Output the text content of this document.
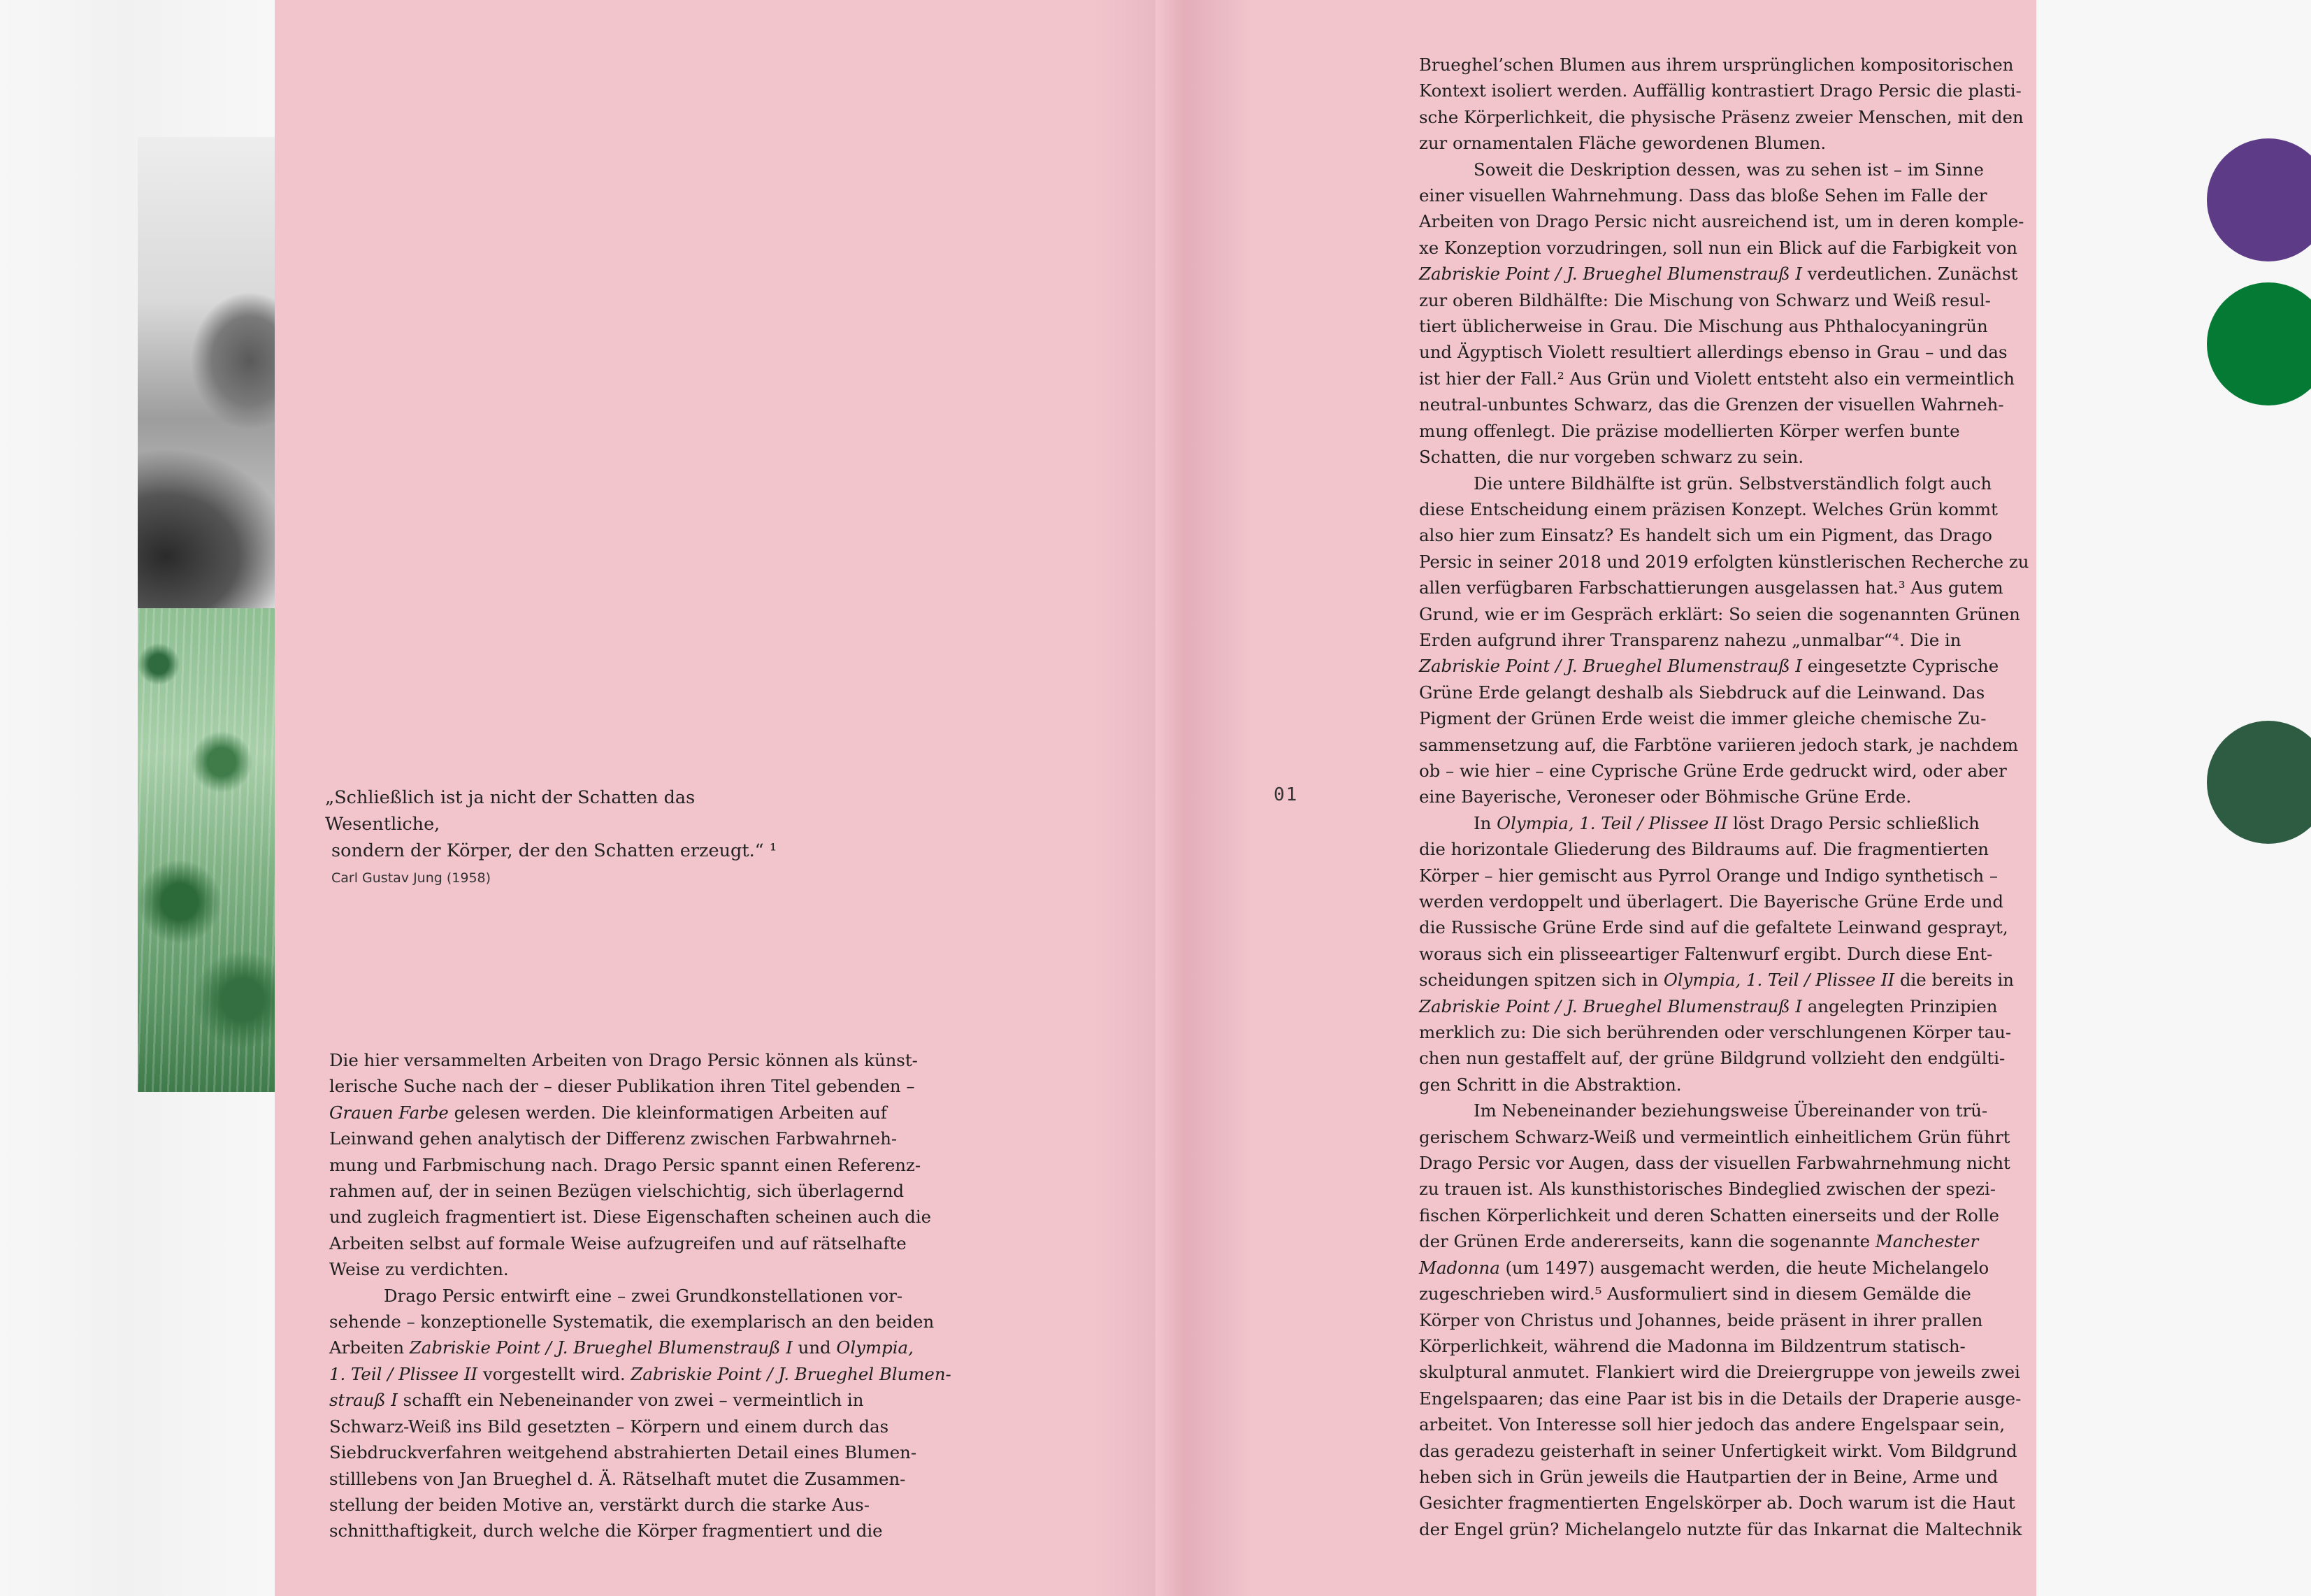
„Schließlich ist ja nicht der Schatten das Wesentliche,

sondern der Körper, der den Schatten erzeugt.“ ¹

Carl Gustav Jung (1958)
01
Die hier versammelten Arbeiten von Drago Persic können als künst-
lerische Suche nach der – dieser Publikation ihren Titel gebenden –
Grauen Farbe gelesen werden. Die kleinformatigen Arbeiten auf
Leinwand gehen analytisch der Differenz zwischen Farbwahrneh-
mung und Farbmischung nach. Drago Persic spannt einen Referenz-
rahmen auf, der in seinen Bezügen vielschichtig, sich überlagernd
und zugleich fragmentiert ist. Diese Eigenschaften scheinen auch die
Arbeiten selbst auf formale Weise aufzugreifen und auf rätselhafte
Weise zu verdichten.
Drago Persic entwirft eine – zwei Grundkonstellationen vor-
sehende – konzeptionelle Systematik, die exemplarisch an den beiden
Arbeiten Zabriskie Point / J. Brueghel Blumenstrauß I und Olympia,
1. Teil / Plissee II vorgestellt wird. Zabriskie Point / J. Brueghel Blumen-
strauß I schafft ein Nebeneinander von zwei – vermeintlich in
Schwarz-Weiß ins Bild gesetzten – Körpern und einem durch das
Siebdruckverfahren weitgehend abstrahierten Detail eines Blumen-
stilllebens von Jan Brueghel d. Ä. Rätselhaft mutet die Zusammen-
stellung der beiden Motive an, verstärkt durch die starke Aus-
schnitthaftigkeit, durch welche die Körper fragmentiert und die
Brueghel’schen Blumen aus ihrem ursprünglichen kompositorischen
Kontext isoliert werden. Auffällig kontrastiert Drago Persic die plasti-
sche Körperlichkeit, die physische Präsenz zweier Menschen, mit den
zur ornamentalen Fläche gewordenen Blumen.
Soweit die Deskription dessen, was zu sehen ist – im Sinne
einer visuellen Wahrnehmung. Dass das bloße Sehen im Falle der
Arbeiten von Drago Persic nicht ausreichend ist, um in deren komple-
xe Konzeption vorzudringen, soll nun ein Blick auf die Farbigkeit von
Zabriskie Point / J. Brueghel Blumenstrauß I verdeutlichen. Zunächst
zur oberen Bildhälfte: Die Mischung von Schwarz und Weiß resul-
tiert üblicherweise in Grau. Die Mischung aus Phthalocyaningrün
und Ägyptisch Violett resultiert allerdings ebenso in Grau – und das
ist hier der Fall.² Aus Grün und Violett entsteht also ein vermeintlich
neutral-unbuntes Schwarz, das die Grenzen der visuellen Wahrneh-
mung offenlegt. Die präzise modellierten Körper werfen bunte
Schatten, die nur vorgeben schwarz zu sein.
Die untere Bildhälfte ist grün. Selbstverständlich folgt auch
diese Entscheidung einem präzisen Konzept. Welches Grün kommt
also hier zum Einsatz? Es handelt sich um ein Pigment, das Drago
Persic in seiner 2018 und 2019 erfolgten künstlerischen Recherche zu
allen verfügbaren Farbschattierungen ausgelassen hat.³ Aus gutem
Grund, wie er im Gespräch erklärt: So seien die sogenannten Grünen
Erden aufgrund ihrer Transparenz nahezu „unmalbar“⁴. Die in
Zabriskie Point / J. Brueghel Blumenstrauß I eingesetzte Cyprische
Grüne Erde gelangt deshalb als Siebdruck auf die Leinwand. Das
Pigment der Grünen Erde weist die immer gleiche chemische Zu-
sammensetzung auf, die Farbtöne variieren jedoch stark, je nachdem
ob – wie hier – eine Cyprische Grüne Erde gedruckt wird, oder aber
eine Bayerische, Veroneser oder Böhmische Grüne Erde.
In Olympia, 1. Teil / Plissee II löst Drago Persic schließlich
die horizontale Gliederung des Bildraums auf. Die fragmentierten
Körper – hier gemischt aus Pyrrol Orange und Indigo synthetisch –
werden verdoppelt und überlagert. Die Bayerische Grüne Erde und
die Russische Grüne Erde sind auf die gefaltete Leinwand gesprayt,
woraus sich ein plisseeartiger Faltenwurf ergibt. Durch diese Ent-
scheidungen spitzen sich in Olympia, 1. Teil / Plissee II die bereits in
Zabriskie Point / J. Brueghel Blumenstrauß I angelegten Prinzipien
merklich zu: Die sich berührenden oder verschlungenen Körper tau-
chen nun gestaffelt auf, der grüne Bildgrund vollzieht den endgülti-
gen Schritt in die Abstraktion.
Im Nebeneinander beziehungsweise Übereinander von trü-
gerischem Schwarz-Weiß und vermeintlich einheitlichem Grün führt
Drago Persic vor Augen, dass der visuellen Farbwahrnehmung nicht
zu trauen ist. Als kunsthistorisches Bindeglied zwischen der spezi-
fischen Körperlichkeit und deren Schatten einerseits und der Rolle
der Grünen Erde andererseits, kann die sogenannte Manchester
Madonna (um 1497) ausgemacht werden, die heute Michelangelo
zugeschrieben wird.⁵ Ausformuliert sind in diesem Gemälde die
Körper von Christus und Johannes, beide präsent in ihrer prallen
Körperlichkeit, während die Madonna im Bildzentrum statisch-
skulptural anmutet. Flankiert wird die Dreiergruppe von jeweils zwei
Engelspaaren; das eine Paar ist bis in die Details der Draperie ausge-
arbeitet. Von Interesse soll hier jedoch das andere Engelspaar sein,
das geradezu geisterhaft in seiner Unfertigkeit wirkt. Vom Bildgrund
heben sich in Grün jeweils die Hautpartien der in Beine, Arme und
Gesichter fragmentierten Engelskörper ab. Doch warum ist die Haut
der Engel grün? Michelangelo nutzte für das Inkarnat die Maltechnik
